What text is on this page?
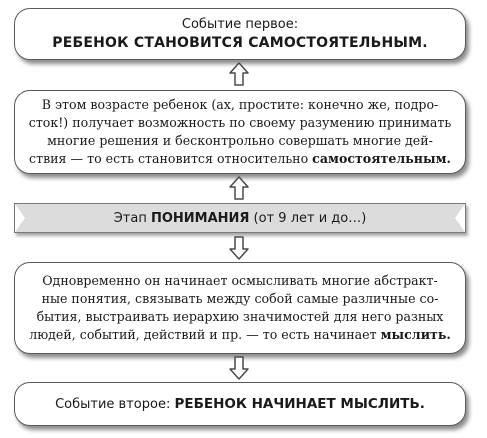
Событие первое:
РЕБЕНОК СТАНОВИТСЯ САМОСТОЯТЕЛЬНЫМ.
В этом возрасте ребенок (ах, простите: конечно же, подро-
сток!) получает возможность по своему разумению принимать
многие решения и бесконтрольно совершать многие дей-
ствия — то есть становится относительно самостоятельным.
Этап ПОНИМАНИЯ (от 9 лет и до…)
Одновременно он начинает осмысливать многие абстракт-
ные понятия, связывать между собой самые различные со-
бытия, выстраивать иерархию значимостей для него разных
людей, событий, действий и пр. — то есть начинает мыслить.
Событие второе: РЕБЕНОК НАЧИНАЕТ МЫСЛИТЬ.
